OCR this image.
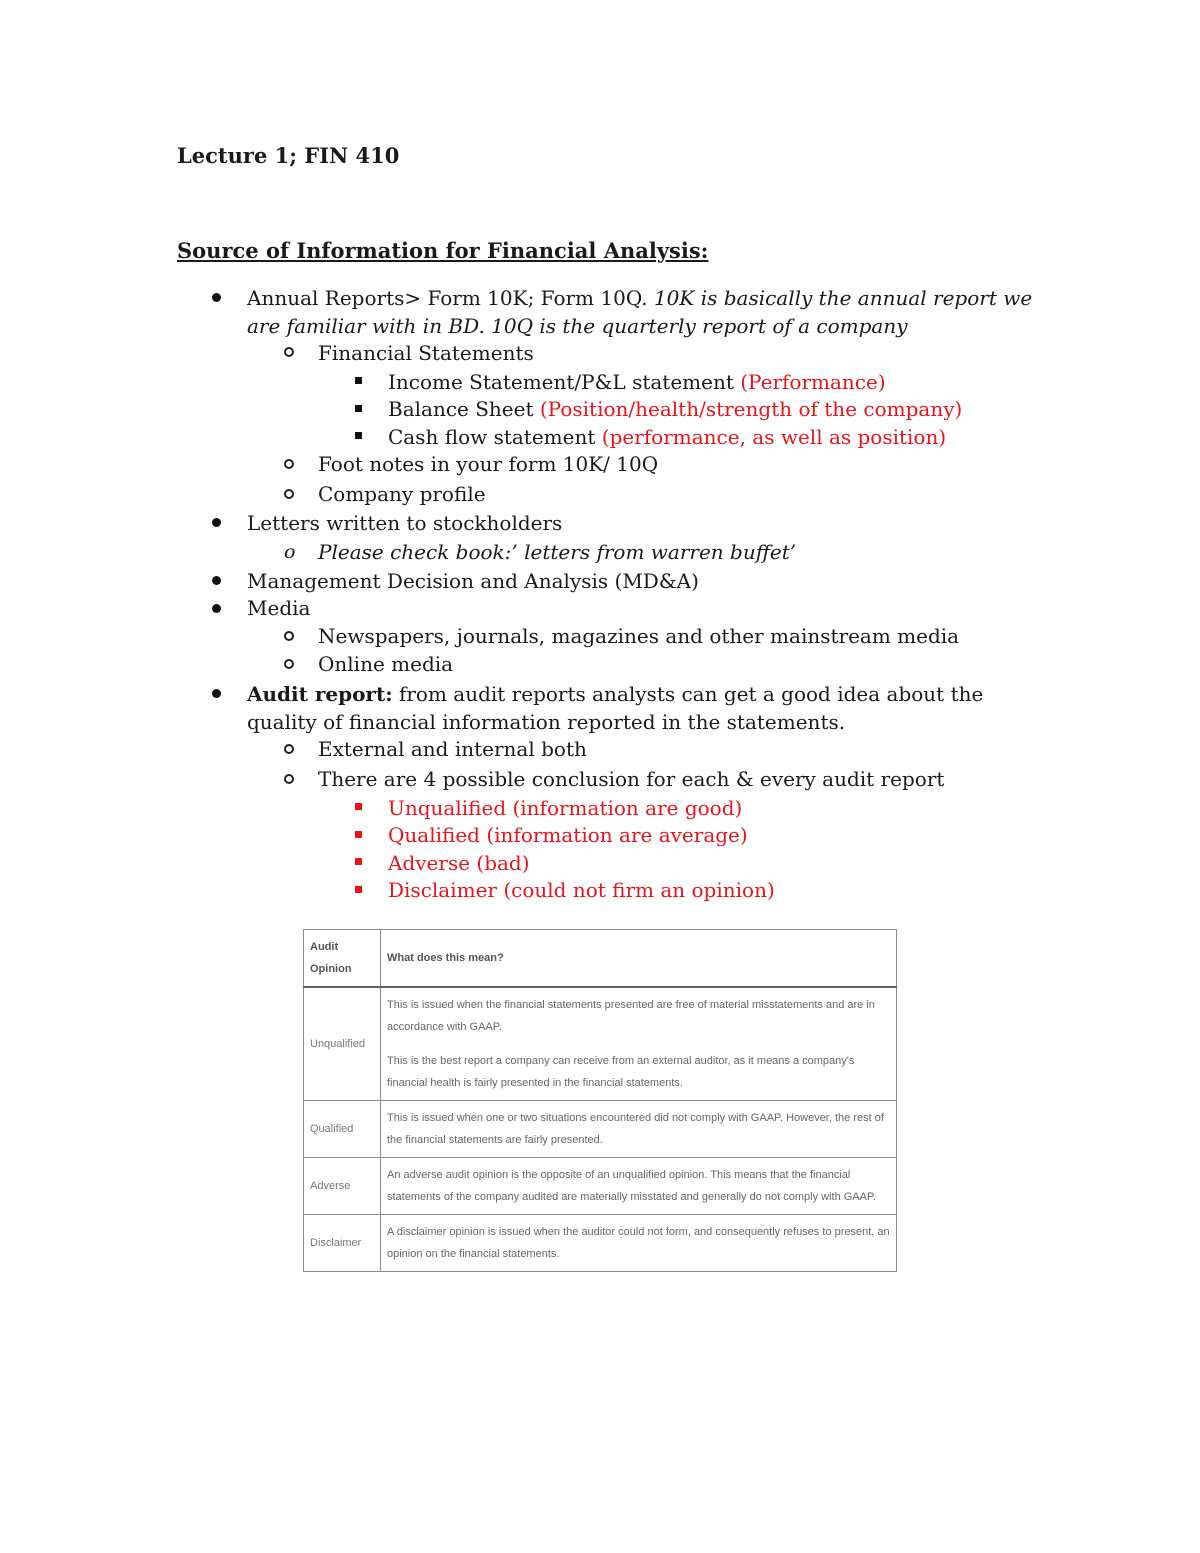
Lecture 1; FIN 410
Source of Information for Financial Analysis:
Annual Reports> Form 10K; Form 10Q. 10K is basically the annual report we
are familiar with in BD. 10Q is the quarterly report of a company
Financial Statements
Income Statement/P&L statement (Performance)
Balance Sheet (Position/health/strength of the company)
Cash flow statement (performance, as well as position)
Foot notes in your form 10K/ 10Q
Company profile
Letters written to stockholders
o Please check book:’ letters from warren buffet’
Management Decision and Analysis (MD&A)
Media
Newspapers, journals, magazines and other mainstream media
Online media
Audit report: from audit reports analysts can get a good idea about the
quality of financial information reported in the statements.
External and internal both
There are 4 possible conclusion for each & every audit report
Unqualified (information are good)
Qualified (information are average)
Adverse (bad)
Disclaimer (could not firm an opinion)
Audit Opinion	What does this mean?
Unqualified	This is issued when the financial statements presented are free of material misstatements and are in accordance with GAAP.
This is the best report a company can receive from an external auditor, as it means a company's financial health is fairly presented in the financial statements.

Qualified	This is issued when one or two situations encountered did not comply with GAAP. However, the rest of the financial statements are fairly presented.
Adverse	An adverse audit opinion is the opposite of an unqualified opinion. This means that the financial statements of the company audited are materially misstated and generally do not comply with GAAP.
Disclaimer	A disclaimer opinion is issued when the auditor could not form, and consequently refuses to present, an opinion on the financial statements.
